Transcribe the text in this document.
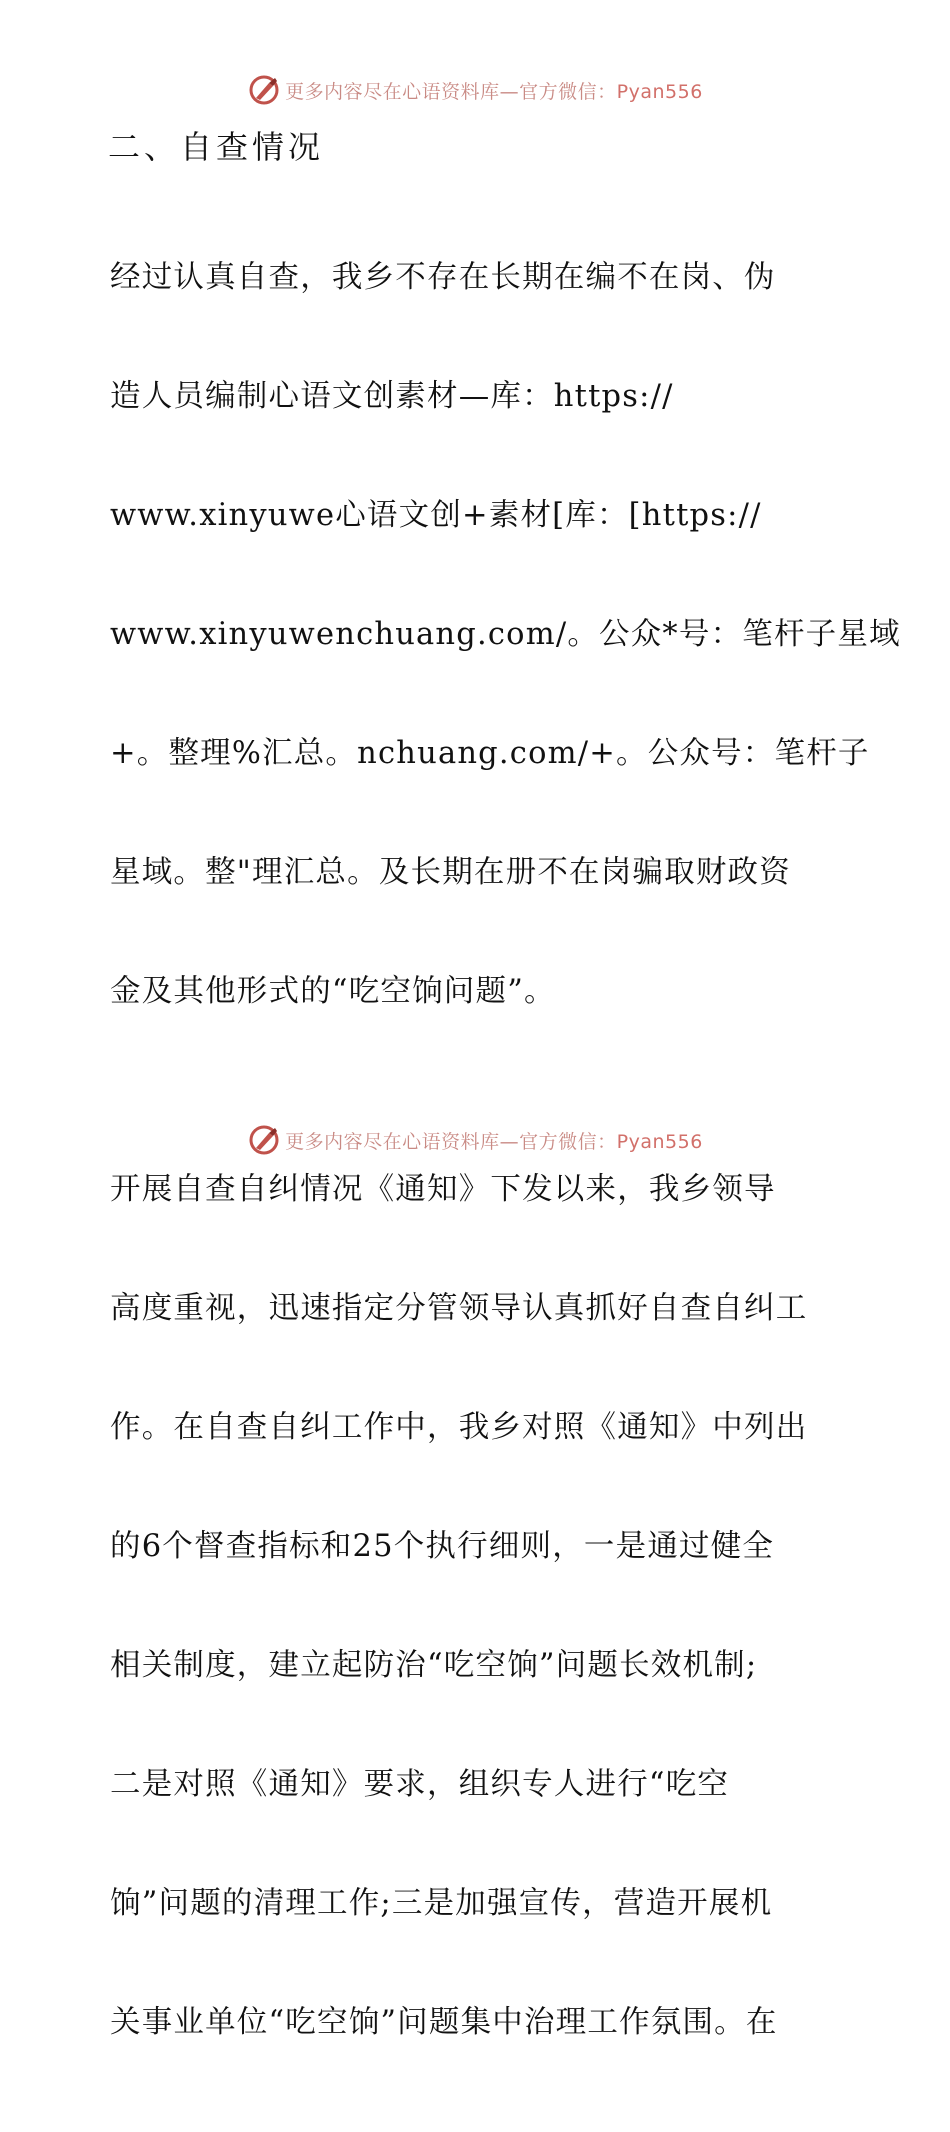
更多内容尽在心语资料库—官方微信：Pyan556
二、自查情况

经过认真自查，我乡不存在长期在编不在岗、伪

造人员编制心语文创素材—库：https://

www.xinyuwe心语文创+素材[库：[https://

www.xinyuwenchuang.com/。公众*号：笔杆子星域

+。整理%汇总。nchuang.com/+。公众号：笔杆子

星域。整"理汇总。及长期在册不在岗骗取财政资

金及其他形式的“吃空饷问题”。

开展自查自纠情况《通知》下发以来，我乡领导

高度重视，迅速指定分管领导认真抓好自查自纠工

作。在自查自纠工作中，我乡对照《通知》中列出

的6个督查指标和25个执行细则，一是通过健全

相关制度，建立起防治“吃空饷”问题长效机制;

二是对照《通知》要求，组织专人进行“吃空

饷”问题的清理工作;三是加强宣传，营造开展机

关事业单位“吃空饷”问题集中治理工作氛围。在

更多内容尽在心语资料库—官方微信：Pyan556
